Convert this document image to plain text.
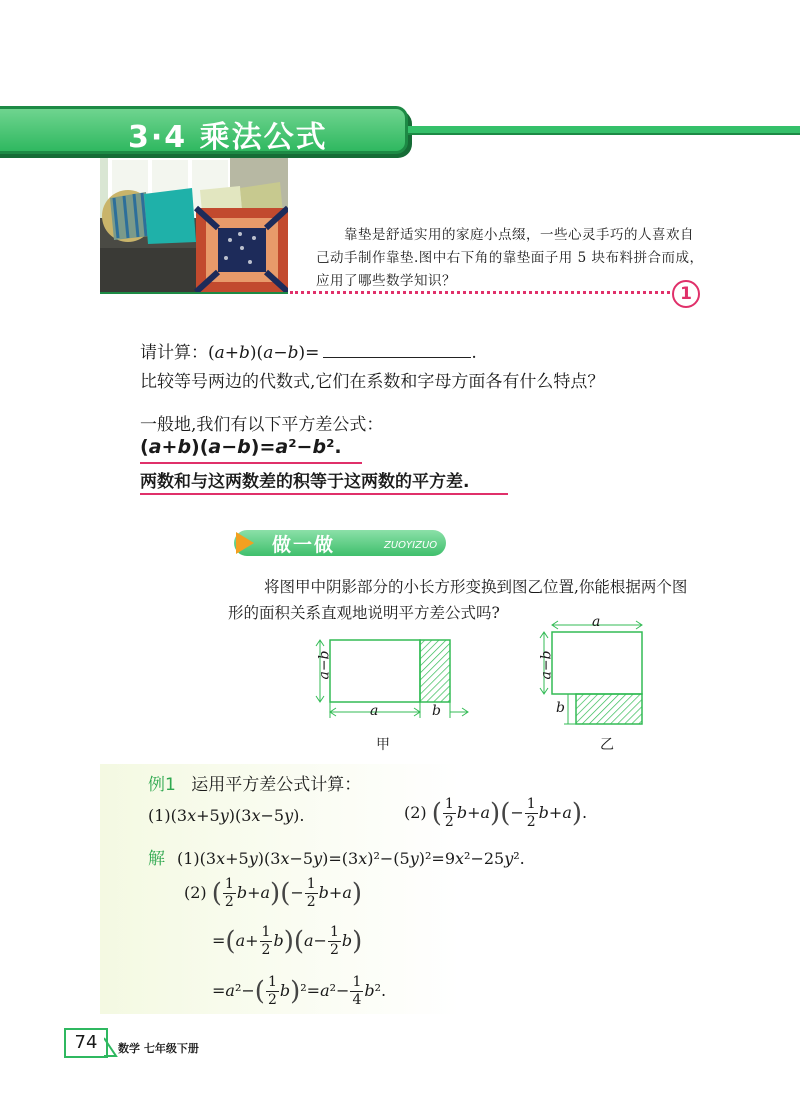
3·4 乘法公式

靠垫是舒适实用的家庭小点缀，一些心灵手巧的人喜欢自

己动手制作靠垫.图中右下角的靠垫面子用 5 块布料拼合而成，
应用了哪些数学知识？
1
请计算：(a+b)(a−b)=	.
比较等号两边的代数式,它们在系数和字母方面各有什么特点？
一般地,我们有以下平方差公式：
(a+b)(a−b)=a²−b².
两数和与这两数差的积等于这两数的平方差.
做一做	ZUOYIZUO
将图甲中阴影部分的小长方形变换到图乙位置,你能根据两个图
形的面积关系直观地说明平方差公式吗?
a−b
a	b
甲
a
a−b
b
乙
例1 运用平方差公式计算：
(1)(3x+5y)(3x−5y).	(2) ( $\frac{1}{2} b+a)(- \frac{1}{2} b+a)$.
解 (1)(3x+5y)(3x−5y)=(3x)²−(5y)²=9x²−25y².
(2) ( $\frac{1}{2} b+a)(- \frac{1}{2} b+a)$
$=(a+ \frac{1}{2} b)(a- \frac{1}{2} b)$
$=a^2-( \frac{1}{2} b)^2=a^2- \frac{1}{4} b^2$.
74	数学 七年级下册
